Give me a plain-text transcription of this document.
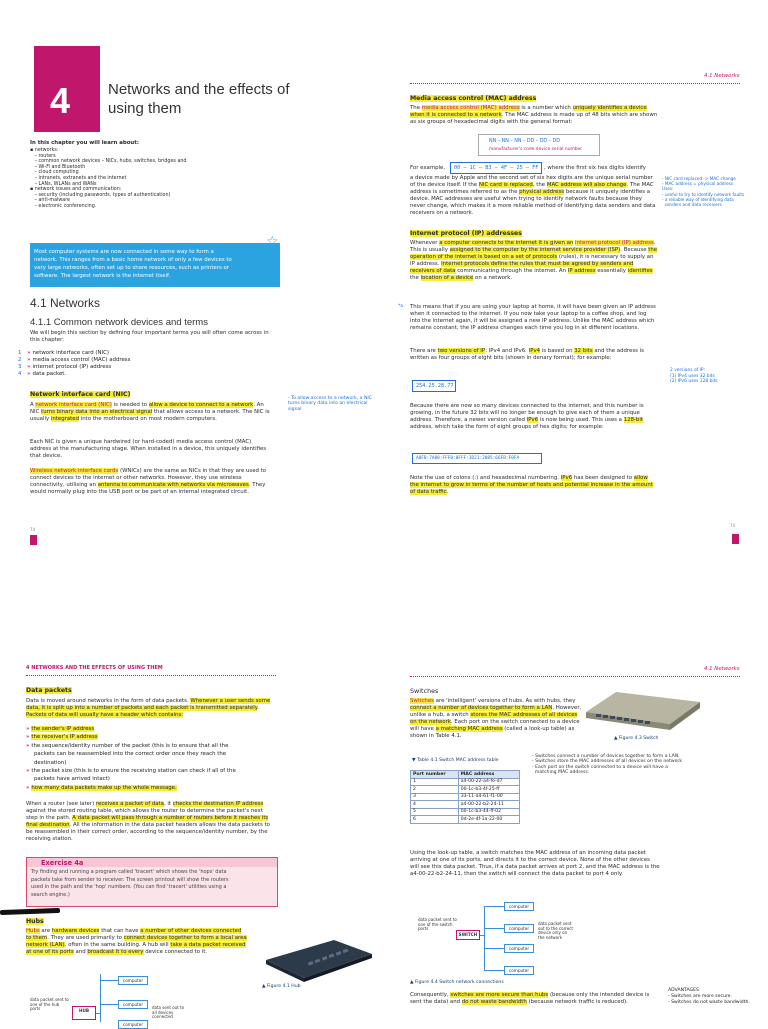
4	Networks and the effects of using them
In this chapter you will learn about:
▪ networks:
– routers
– common network devices – NICs, hubs, switches, bridges and
– Wi-Fi and Bluetooth
– cloud computing
– intranets, extranets and the internet
– LANs, WLANs and WANs
▪ network issues and communication:
– security (including passwords, types of authentication)
– anti-malware
– electronic conferencing.
Most computer systems are now connected in some way to form a
network. This ranges from a basic home network of only a few devices to
very large networks, often set up to share resources, such as printers or
software. The largest network is the internet itself.
☆
4.1 Networks
4.1.1 Common network devices and terms
We will begin this section by defining four important terms you will often come across in this chapter:
1 » network interface card (NIC)
2 » media access control (MAC) address
3 » internet protocol (IP) address
4 » data packet.
Network interface card (NIC)
A network interface card (NIC) is needed to allow a device to connect to a network. An NIC turns binary data into an electrical signal that allows access to a network. The NIC is usually integrated into the motherboard on most modern computers.
Each NIC is given a unique hardwired (or hard-coded) media access control (MAC) address at the manufacturing stage. When installed in a device, this uniquely identifies that device.
Wireless network interface cards (WNICs) are the same as NICs in that they are used to connect devices to the internet or other networks. However, they use wireless connectivity, utilising an antenna to communicate with networks via microwaves. They would normally plug into the USB port or be part of an internal integrated circuit.
- To allow access to a network, a NIC turns binary data into an electrical signal
74
4.1 Networks
Media access control (MAC) address
The media access control (MAC) address is a number which uniquely identifies a device when it is connected to a network. The MAC address is made up of 48 bits which are shown as six groups of hexadecimal digits with the general format:
NN – NN – NN – DD – DD – DD
manufacturer's code device serial number
For example,	00 – 1C – B3 – 4F – 25 – FF	, where the first six hex digits identify
a device made by Apple and the second set of six hex digits are the unique serial number of the device itself. If the NIC card is replaced, the MAC address will also change. The MAC address is sometimes referred to as the physical address because it uniquely identifies a device. MAC addresses are useful when trying to identify network faults because they never change, which makes it a more reliable method of identifying data senders and data receivers on a network.
- NIC card replaced -> MAC change
- MAC address = physical address
Uses:
- useful to try to identify network faults
- a reliable way of identifying data
senders and data receivers
Internet protocol (IP) addresses
Whenever a computer connects to the internet it is given an internet protocol (IP) address. This is usually assigned to the computer by the internet service provider (ISP). Because the operation of the internet is based on a set of protocols (rules), it is necessary to supply an IP address. Internet protocols define the rules that must be agreed by senders and receivers of data communicating through the internet. An IP address essentially identifies the location of a device on a network.
*a This means that if you are using your laptop at home, it will have been given an IP address when it connected to the internet. If you now take your laptop to a coffee shop, and log into the internet again, it will be assigned a new IP address. Unlike the MAC address which remains constant, the IP address changes each time you log in at different locations.
There are two versions of IP: IPv4 and IPv6. IPv4 is based on 32 bits and the address is written as four groups of eight bits (shown in denary format); for example:
2 versions of IP:
(1) IPv4 uses 32 bits
(2) IPv6 uses 128 bits
254.25.28.77
Because there are now so many devices connected to the internet, and this number is growing, in the future 32 bits will no longer be enough to give each of them a unique address. Therefore, a newer version called IPv6 is now being used. This uses a 128-bit address, which take the form of eight groups of hex digits; for example:
A8FB:7A88:FFF0:0FFF:3D21:2085:66FB:F0FA
Note the use of colons (:) and hexadecimal numbering. IPv6 has been designed to allow the internet to grow in terms of the number of hosts and potential increase in the amount of data traffic.
74
4 NETWORKS AND THE EFFECTS OF USING THEM
Data packets
Data is moved around networks in the form of data packets. Whenever a user sends some data, it is split up into a number of packets and each packet is transmitted separately. Packets of data will usually have a header which contains:
» the sender's IP address
» the receiver's IP address
» the sequence/identity number of the packet (this is to ensure that all the
packets can be reassembled into the correct order once they reach the
destination)
» the packet size (this is to ensure the receiving station can check if all of the
packets have arrived intact)
» how many data packets make up the whole message.
When a router (see later) receives a packet of data, it checks the destination IP address against the stored routing table, which allows the router to determine the packet's next step in the path. A data packet will pass through a number of routers before it reaches its final destination. All the information in the data packet headers allows the data packets to be reassembled in their correct order, according to the sequence/identity number, by the receiving station.
Exercise 4a
Try finding and running a program called 'tracert' which shows the 'hops' data
packets take from sender to receiver. The screen printout will show the routers
used in the path and the 'hop' numbers. (You can find 'tracert' utilities using a
search engine.)
Hubs
Hubs are hardware devices that can have a number of other devices connected to them. They are used primarily to connect devices together to form a local area network (LAN), often in the same building. A hub will take a data packet received at one of its ports and broadcast it to every device connected to it.
▲ Figure 4.1 Hub
data packet sent to one of the hub ports	HUB
computer
computer
computer
data sent out to all devices connected
4.1 Networks
Switches
Switches are 'intelligent' versions of hubs. As with hubs, they connect a number of devices together to form a LAN. However, unlike a hub, a switch stores the MAC addresses of all devices on the network. Each port on the switch connected to a device will have a matching MAC address (called a look-up table) as shown in Table 4.1.	▲ Figure 4.3 Switch
▼ Table 4.1 Switch MAC address table
Port number	MAC address
1	a4-00-22-a4-fe-d7
2	00-1c-b3-4f-25-ff
3	33-11-a4-61-f1-00
4	a4-00-22-b2-24-11
5	00-1c-b3-44-ff-02
6	0d-2e-4f-1a-22-00
- Switches connect a number of devices together to form a LAN.
- Switches store the MAC addresses of all devices on the network
- Each port on the switch connected to a device will have a
matching MAC address.
Using the look-up table, a switch matches the MAC address of an incoming data packet arriving at one of its ports, and directs it to the correct device. None of the other devices will see this data packet. Thus, if a data packet arrives at port 2, and the MAC address is the a4-00-22-b2-24-11, then the switch will connect the data packet to port 4 only.
data packet sent to one of the switch ports
SWITCH
computer
computer
computer
computer
data packet sent out to the correct device only on the network
▲ Figure 4.4 Switch network connections
Consequently, switches are more secure than hubs (because only the intended device is sent the data) and do not waste bandwidth (because network traffic is reduced).
ADVANTAGES
- Switches are more secure.
- Switches do not waste bandwidth.
